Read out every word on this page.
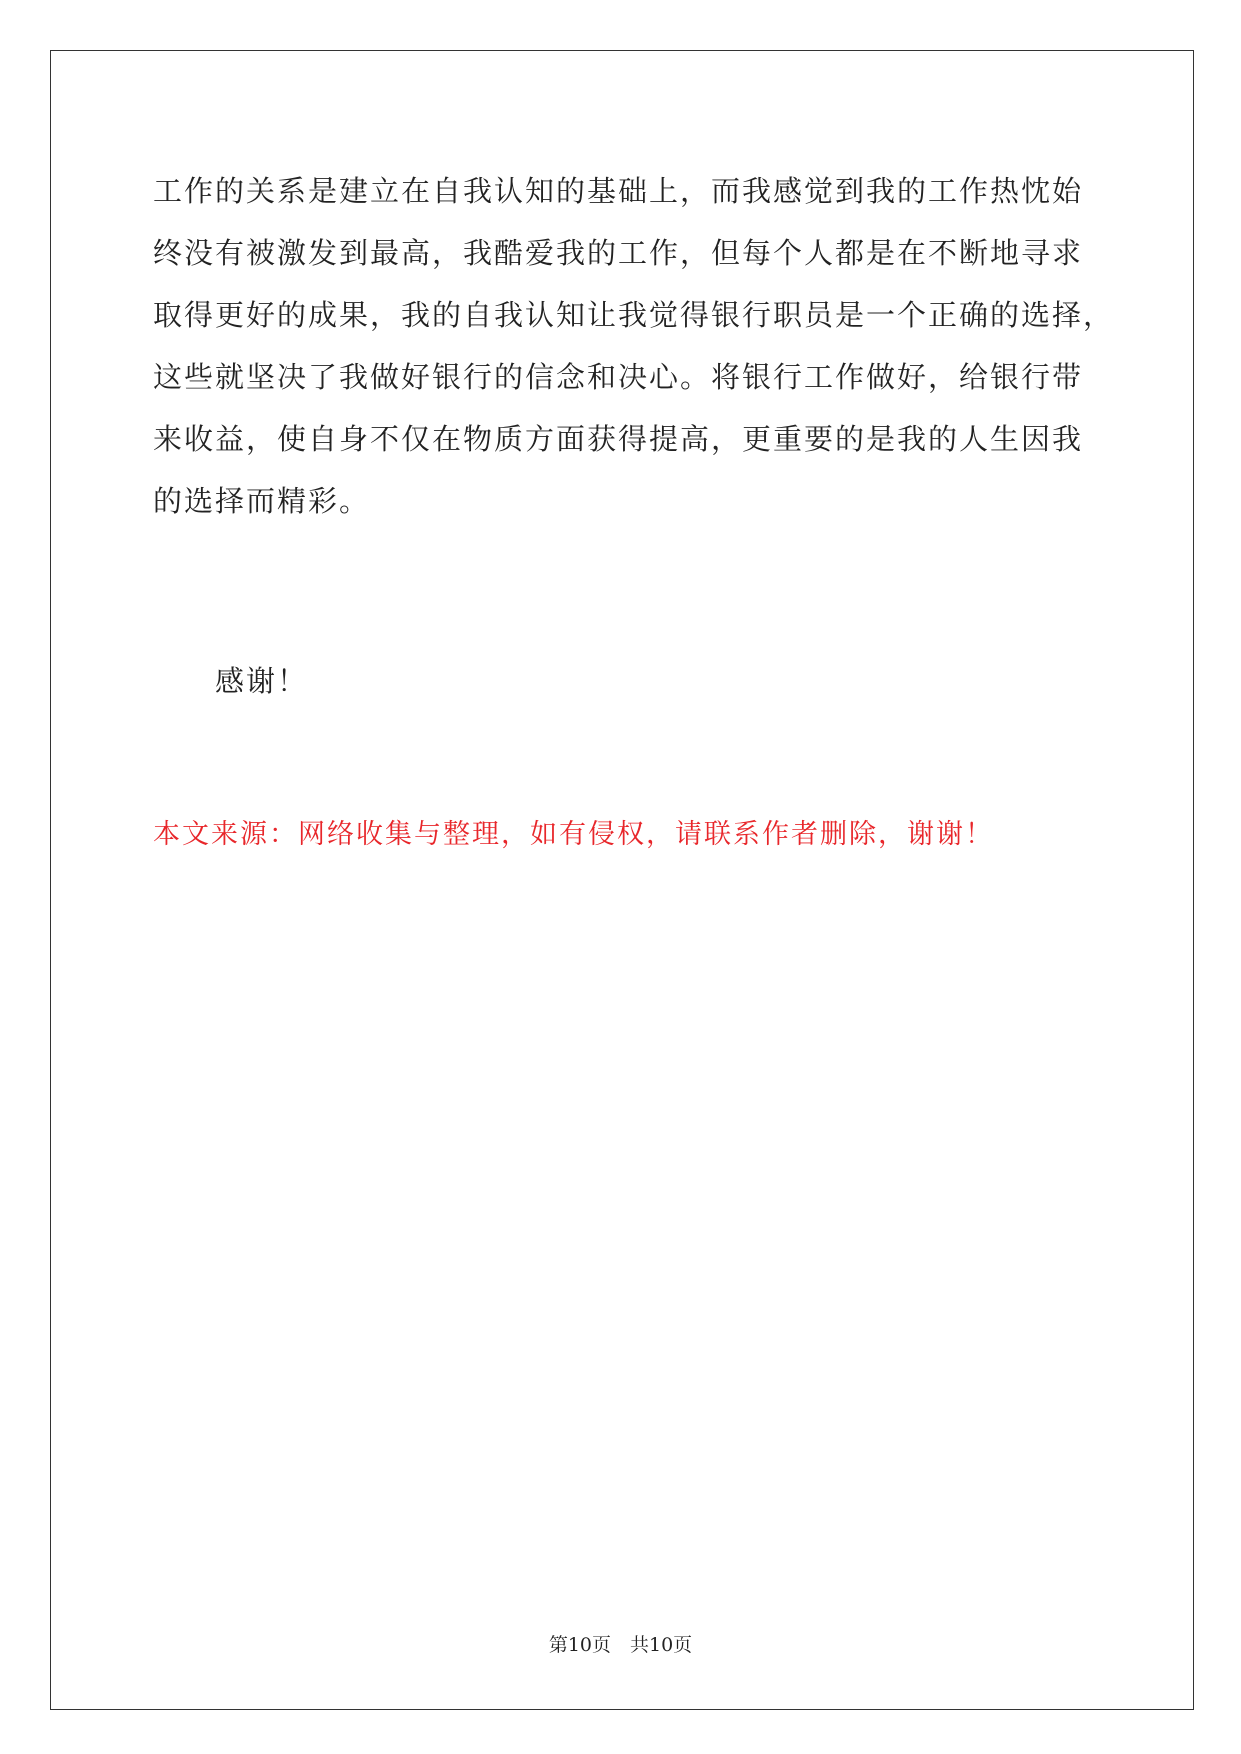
工作的关系是建立在自我认知的基础上，而我感觉到我的工作热忱始

终没有被激发到最高，我酷爱我的工作，但每个人都是在不断地寻求

取得更好的成果，我的自我认知让我觉得银行职员是一个正确的选择，

这些就坚决了我做好银行的信念和决心。将银行工作做好，给银行带

来收益，使自身不仅在物质方面获得提高，更重要的是我的人生因我

的选择而精彩。

感谢！

本文来源：网络收集与整理，如有侵权，请联系作者删除，谢谢！

第10页　共10页
